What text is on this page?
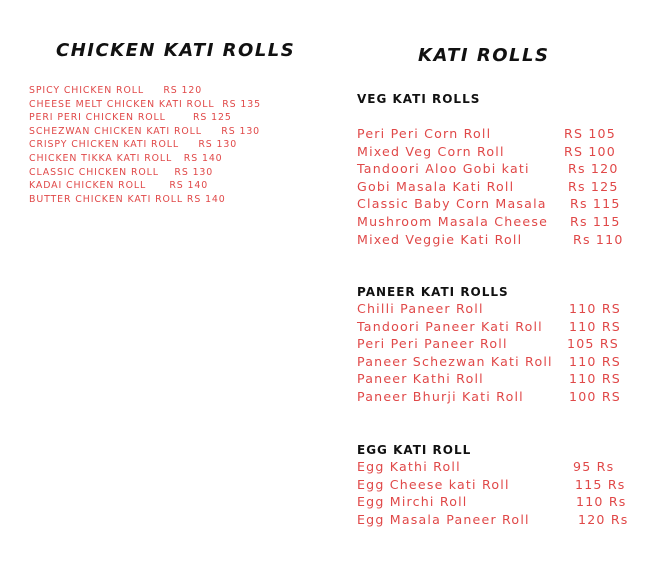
CHICKEN KATI ROLLS
SPICY CHICKEN ROLL     RS 120
CHEESE MELT CHICKEN KATI ROLL  RS 135
PERI PERI CHICKEN ROLL       RS 125
SCHEZWAN CHICKEN KATI ROLL     RS 130
CRISPY CHICKEN KATI ROLL     RS 130
CHICKEN TIKKA KATI ROLL   RS 140
CLASSIC CHICKEN ROLL    RS 130
KADAI CHICKEN ROLL      RS 140
BUTTER CHICKEN KATI ROLL RS 140
KATI ROLLS
VEG KATI ROLLS
Peri Peri Corn Roll	RS 105
Mixed Veg Corn Roll	RS 100
Tandoori Aloo Gobi kati	Rs 120
Gobi Masala Kati Roll	Rs 125
Classic Baby Corn Masala Rs 115
Mushroom Masala Cheese Rs 115
Mixed Veggie Kati Roll	Rs 110
PANEER KATI ROLLS
Chilli Paneer Roll	110 RS
Tandoori Paneer Kati Roll 110 RS
Peri Peri Paneer Roll	105 RS
Paneer Schezwan Kati Roll 110 RS
Paneer Kathi Roll	110 RS
Paneer Bhurji Kati Roll	100 RS
EGG KATI ROLL
Egg Kathi Roll	95 Rs
Egg Cheese kati Roll	115 Rs
Egg Mirchi Roll	110 Rs
Egg Masala Paneer Roll	120 Rs
